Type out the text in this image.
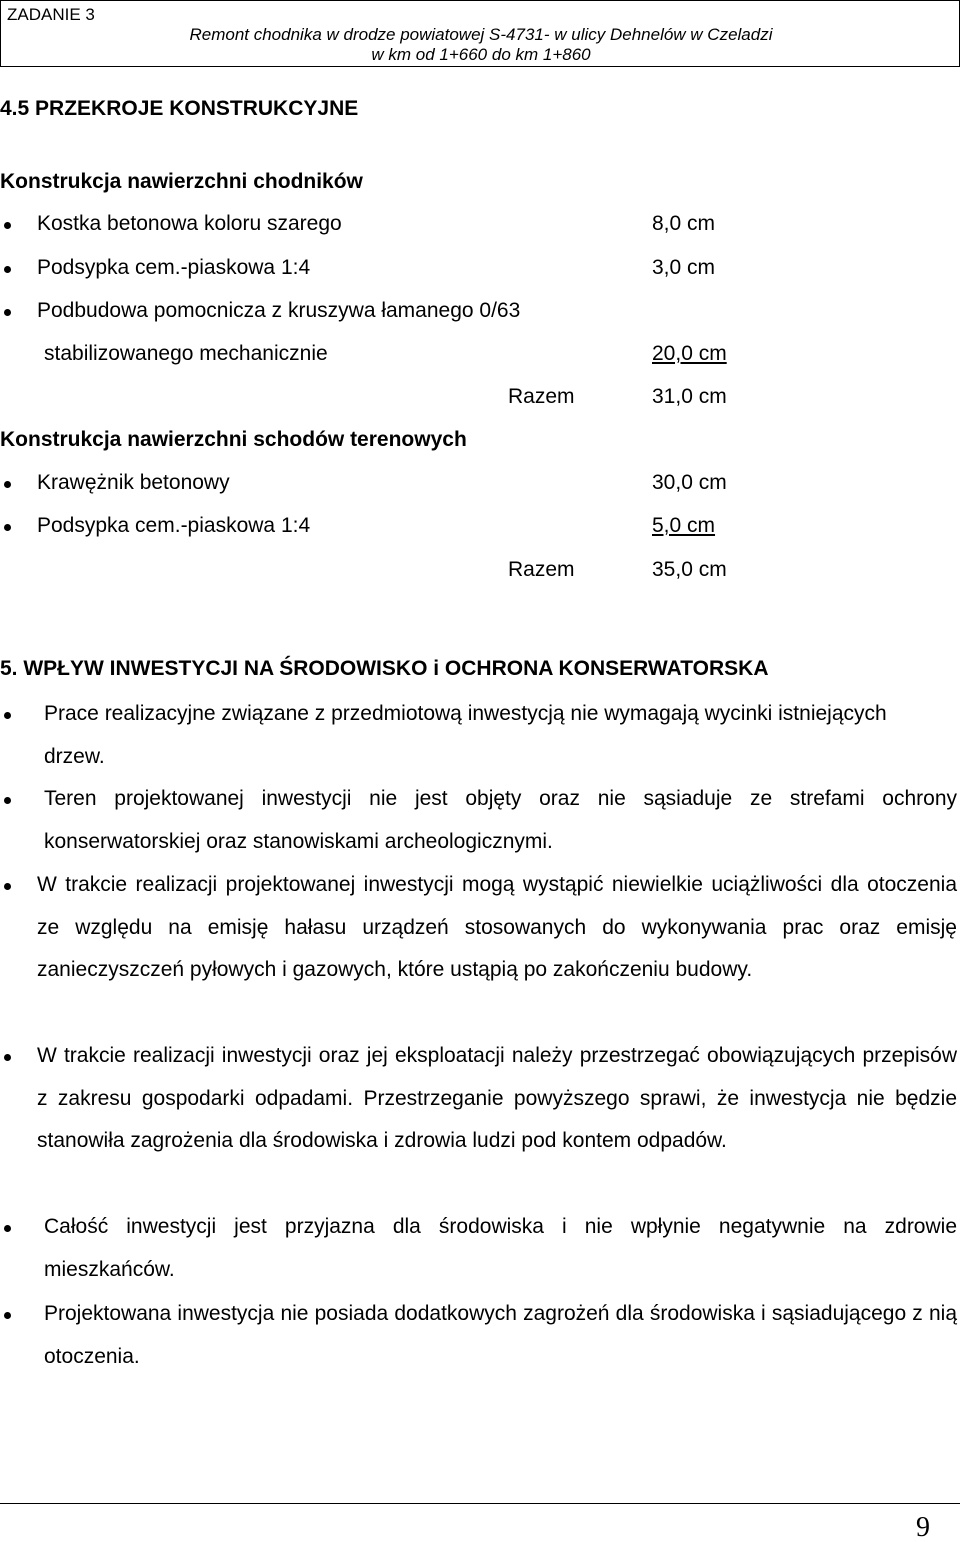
ZADANIE 3
Remont chodnika w drodze powiatowej S-4731- w ulicy Dehnelów w Czeladzi
w km od 1+660 do km 1+860
4.5 PRZEKROJE KONSTRUKCYJNE
Konstrukcja nawierzchni chodników
Kostka betonowa koloru szarego	8,0 cm
Podsypka cem.-piaskowa 1:4	3,0 cm
Podbudowa pomocnicza z kruszywa łamanego 0/63
stabilizowanego mechanicznie	20,0 cm
Razem	31,0 cm
Konstrukcja nawierzchni schodów terenowych
Krawężnik betonowy	30,0 cm
Podsypka cem.-piaskowa 1:4	5,0 cm
Razem	35,0 cm
5. WPŁYW INWESTYCJI NA ŚRODOWISKO i OCHRONA KONSERWATORSKA
Prace realizacyjne związane z przedmiotową inwestycją nie wymagają wycinki istniejących drzew.
Teren projektowanej inwestycji nie jest objęty oraz nie sąsiaduje ze strefami ochrony konserwatorskiej oraz stanowiskami archeologicznymi.
W trakcie realizacji projektowanej inwestycji mogą wystąpić niewielkie uciążliwości dla otoczenia ze względu na emisję hałasu urządzeń stosowanych do wykonywania prac oraz emisję zanieczyszczeń pyłowych i gazowych, które ustąpią po zakończeniu budowy.
W trakcie realizacji inwestycji oraz jej eksploatacji należy przestrzegać obowiązujących przepisów z zakresu gospodarki odpadami. Przestrzeganie powyższego sprawi, że inwestycja nie będzie stanowiła zagrożenia dla środowiska i zdrowia ludzi pod kontem odpadów.
Całość inwestycji jest przyjazna dla środowiska i nie wpłynie negatywnie na zdrowie mieszkańców.
Projektowana inwestycja nie posiada dodatkowych zagrożeń dla środowiska i sąsiadującego z nią otoczenia.
9
